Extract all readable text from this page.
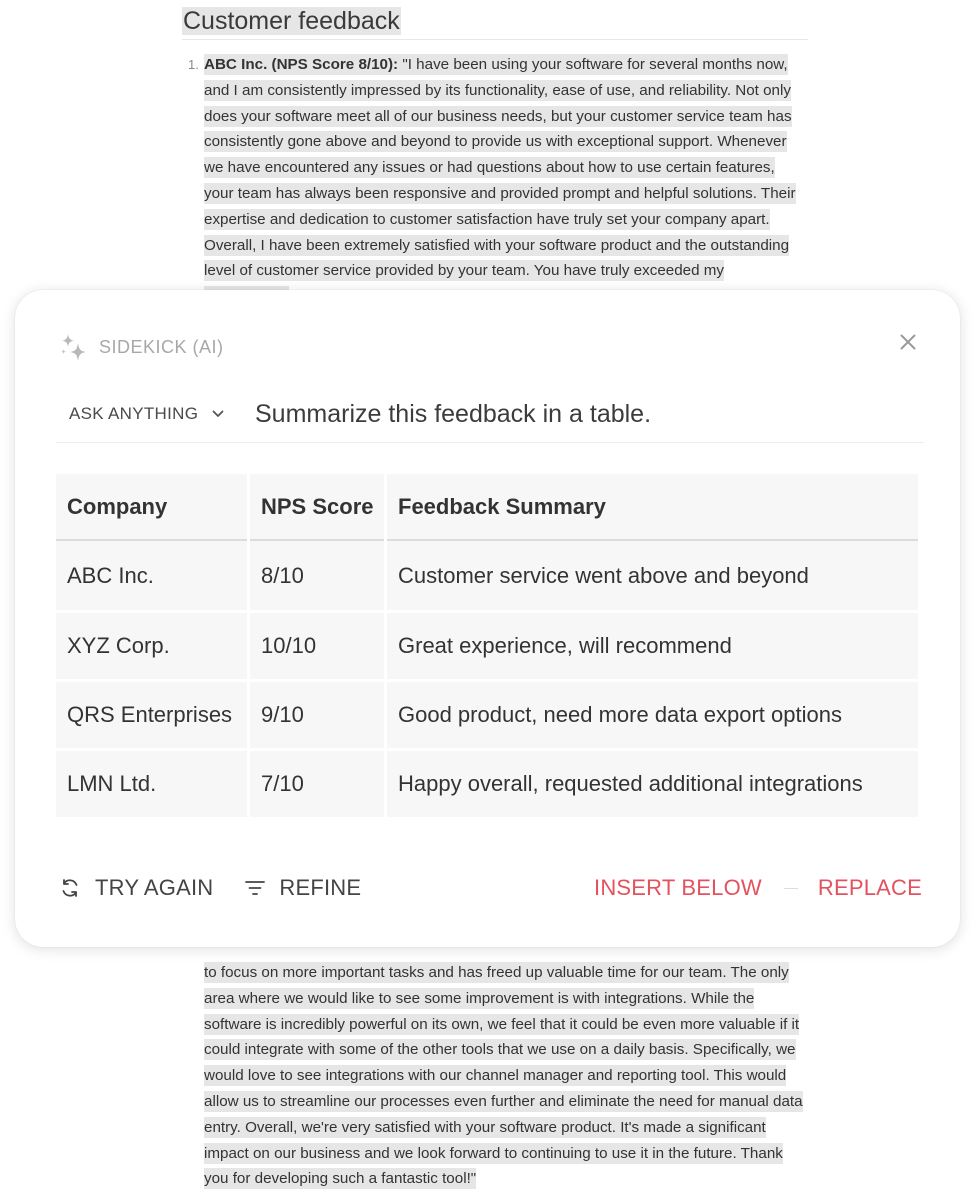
Customer feedback
1. ABC Inc. (NPS Score 8/10): "I have been using your software for several months now, and I am consistently impressed by its functionality, ease of use, and reliability. Not only does your software meet all of our business needs, but your customer service team has consistently gone above and beyond to provide us with exceptional support. Whenever we have encountered any issues or had questions about how to use certain features, your team has always been responsive and provided prompt and helpful solutions. Their expertise and dedication to customer satisfaction have truly set your company apart. Overall, I have been extremely satisfied with your software product and the outstanding level of customer service provided by your team. You have truly exceeded my
to focus on more important tasks and has freed up valuable time for our team. The only area where we would like to see some improvement is with integrations. While the software is incredibly powerful on its own, we feel that it could be even more valuable if it could integrate with some of the other tools that we use on a daily basis. Specifically, we would love to see integrations with our channel manager and reporting tool. This would allow us to streamline our processes even further and eliminate the need for manual data entry. Overall, we're very satisfied with your software product. It's made a significant impact on our business and we look forward to continuing to use it in the future. Thank you for developing such a fantastic tool!"
SIDEKICK (AI)
ASK ANYTHING
Summarize this feedback in a table.
Company	NPS Score	Feedback Summary
ABC Inc.	8/10	Customer service went above and beyond
XYZ Corp.	10/10	Great experience, will recommend
QRS Enterprises	9/10	Good product, need more data export options
LMN Ltd.	7/10	Happy overall, requested additional integrations
TRY AGAIN	REFINE	INSERT BELOW	REPLACE
